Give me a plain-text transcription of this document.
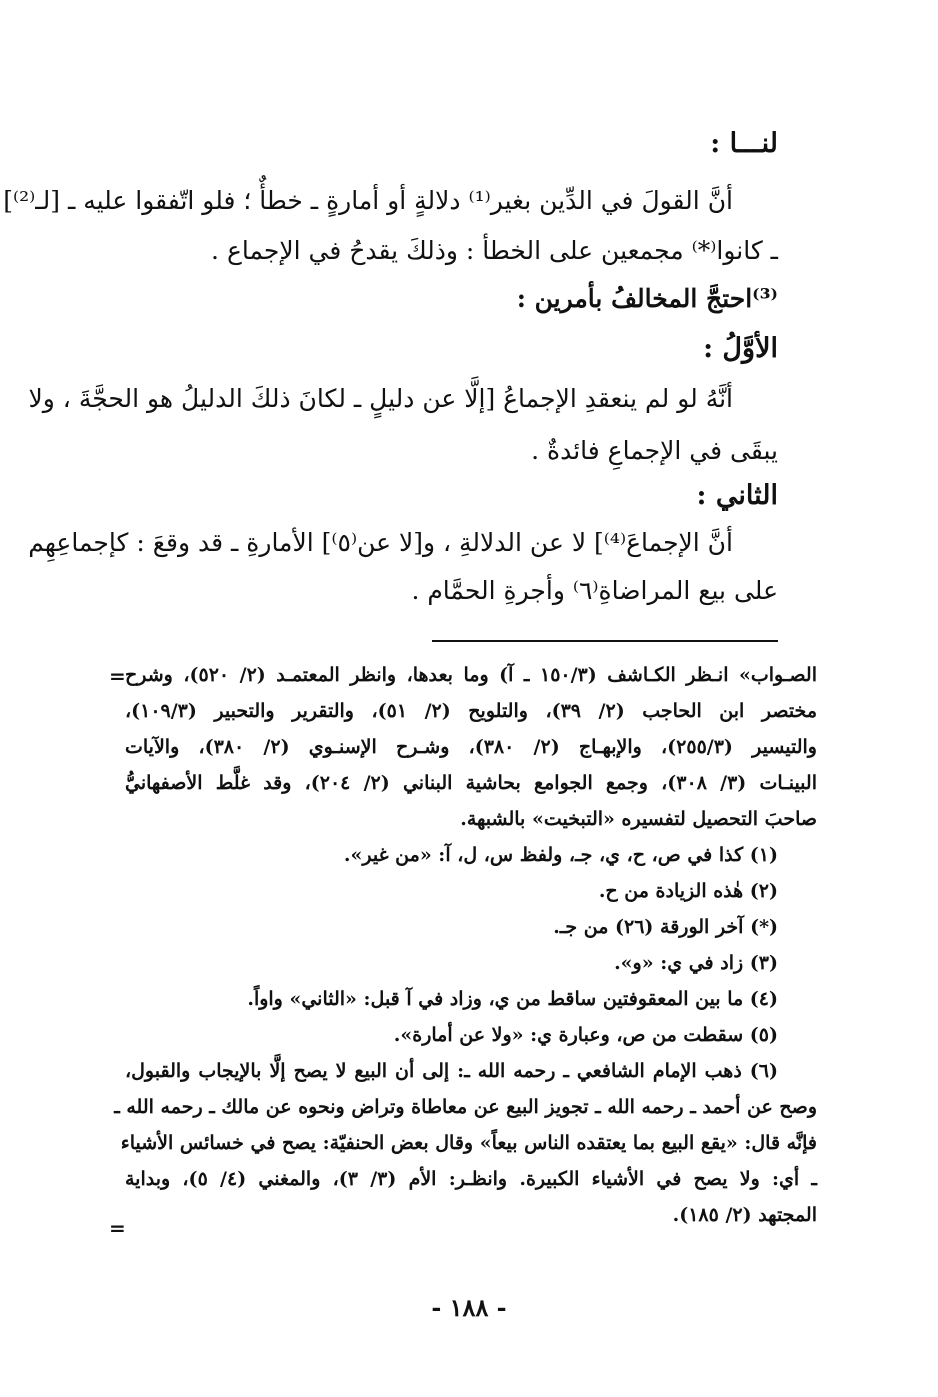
لنـــا :
أنَّ القولَ في الدِّين بغير⁽¹⁾ دلالةٍ أو أمارةٍ ـ خطأٌ ؛ فلو اتّفقوا عليه ـ [لـ⁽²⁾]
ـ كانوا⁽*⁾ مجمعين على الخطأ : وذلكَ يقدحُ في الإجماع .
⁽³⁾احتجَّ المخالفُ بأمرين :
الأوَّلُ :
أنَّهُ لو لم ينعقدِ الإجماعُ [إلَّا عن دليلٍ ـ لكانَ ذلكَ الدليلُ هو الحجَّةَ ، ولا
يبقَى في الإجماعِ فائدةٌ .
الثاني :
أنَّ الإجماعَ⁽⁴⁾] لا عن الدلالةِ ، و[لا عن⁽٥⁾] الأمارةِ ـ قد وقعَ : كإجماعِهِم
على بيع المراضاةِ⁽٦⁾ وأجرةِ الحمَّام .
= الصـواب» انـظر الكـاشف (١٥٠/٣ ـ آ) وما بعدها، وانظر المعتمـد (٢/ ٥٢٠)، وشرح
مختصر ابن الحاجب (٢/ ٣٩)، والتلويح (٢/ ٥١)، والتقرير والتحبير (١٠٩/٣)،
والتيسير (٢٥٥/٣)، والإبهـاج (٢/ ٣٨٠)، وشـرح الإسنـوي (٢/ ٣٨٠)، والآيات
البينـات (٣/ ٣٠٨)، وجمع الجوامع بحاشية البناني (٢/ ٢٠٤)، وقد غلَّط الأصفهانيُّ
صاحبَ التحصيل لتفسيره «التبخيت» بالشبهة.
(١) كذا في ص، ح، ي، جـ، ولفظ س، ل، آ: «من غير».
(٢) هٰذه الزيادة من ح.
(*) آخر الورقة (٢٦) من جـ.
(٣) زاد في ي: «و».
(٤) ما بين المعقوفتين ساقط من ي، وزاد في آ قبل: «الثاني» واواً.
(٥) سقطت من ص، وعبارة ي: «ولا عن أمارة».
(٦) ذهب الإمام الشافعي ـ رحمه الله ـ: إلى أن البيع لا يصح إلَّا بالإيجاب والقبول،
وصح عن أحمد ـ رحمه الله ـ تجويز البيع عن معاطاة وتراض ونحوه عن مالك ـ رحمه الله ـ
فإنَّه قال: «يقع البيع بما يعتقده الناس بيعاً» وقال بعض الحنفيّة: يصح في خسائس الأشياء
ـ أي: ولا يصح في الأشياء الكبيرة. وانظـر: الأم (٣/ ٣)، والمغني (٤/ ٥)، وبداية
المجتهد (٢/ ١٨٥).
=
- ١٨٨ -
